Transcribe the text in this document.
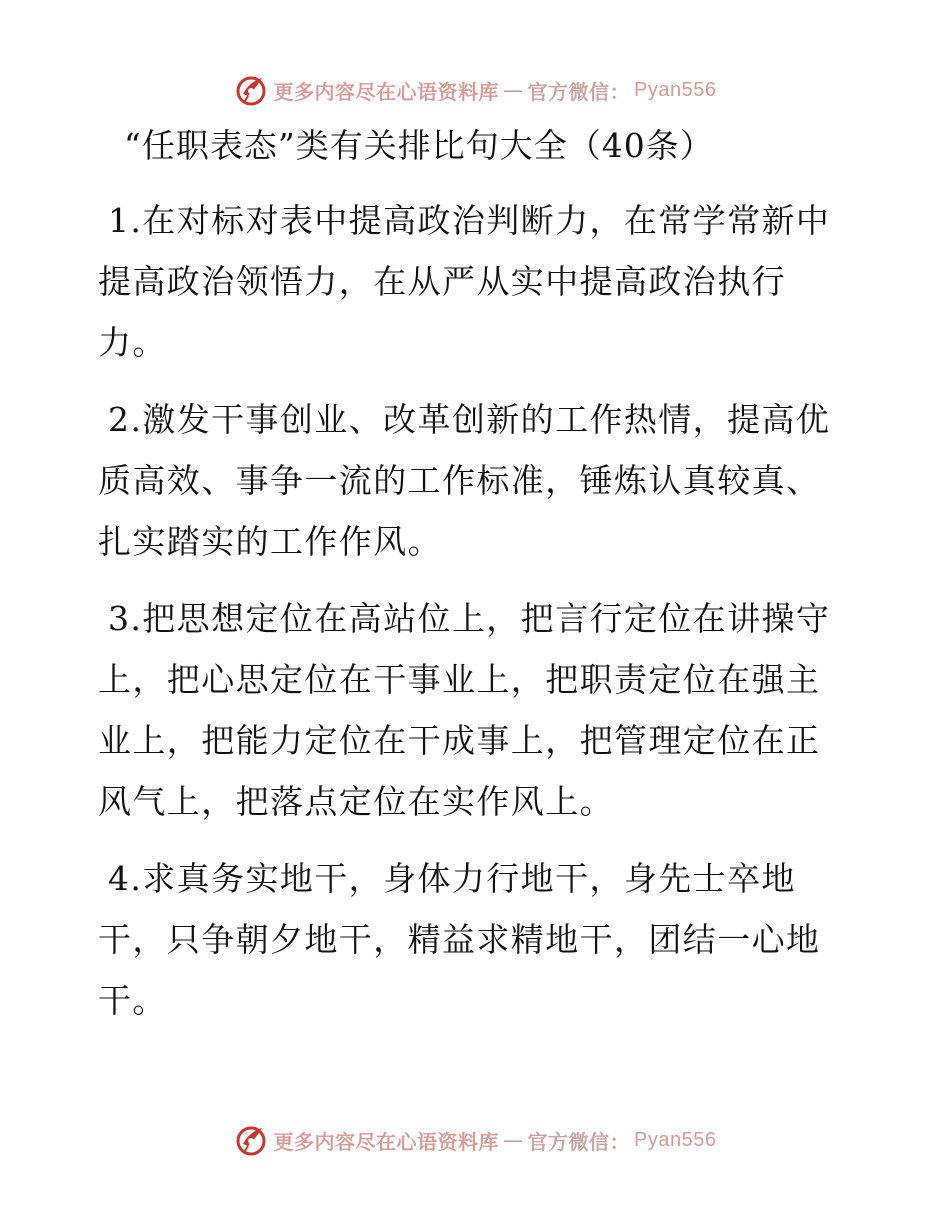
更多内容尽在心语资料库 — 官方微信： Pyan556
“任职表态”类有关排比句大全（40条）

1.在对标对表中提高政治判断力，在常学常新中提高政治领悟力，在从严从实中提高政治执行力。

2.激发干事创业、改革创新的工作热情，提高优质高效、事争一流的工作标准，锤炼认真较真、扎实踏实的工作作风。

3.把思想定位在高站位上，把言行定位在讲操守上，把心思定位在干事业上，把职责定位在强主业上，把能力定位在干成事上，把管理定位在正风气上，把落点定位在实作风上。

4.求真务实地干，身体力行地干，身先士卒地干，只争朝夕地干，精益求精地干，团结一心地干。

更多内容尽在心语资料库 — 官方微信： Pyan556
